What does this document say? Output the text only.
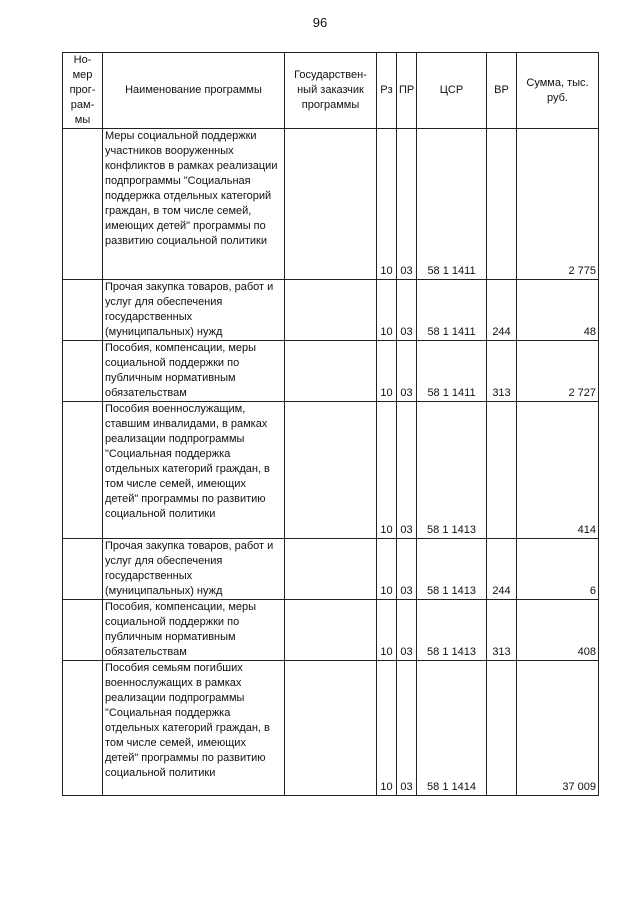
96
Но-мер прог-рам-мы	Наименование программы	Государствен-ный заказчик программы	Рз	ПР	ЦСР	ВР	Сумма, тыс. руб.
	Меры социальной поддержки участников вооруженных конфликтов в рамках реализации подпрограммы "Социальная поддержка отдельных категорий граждан, в том числе семей, имеющих детей" программы по развитию социальной политики		10	03	58 1 1411		2 775
	Прочая закупка товаров, работ и услуг для обеспечения государственных (муниципальных) нужд		10	03	58 1 1411	244	48
	Пособия, компенсации, меры социальной поддержки по публичным нормативным обязательствам		10	03	58 1 1411	313	2 727
	Пособия военнослужащим, ставшим инвалидами, в рамках реализации подпрограммы "Социальная поддержка отдельных категорий граждан, в том числе семей, имеющих детей" программы по развитию социальной политики		10	03	58 1 1413		414
	Прочая закупка товаров, работ и услуг для обеспечения государственных (муниципальных) нужд		10	03	58 1 1413	244	6
	Пособия, компенсации, меры социальной поддержки по публичным нормативным обязательствам		10	03	58 1 1413	313	408
	Пособия семьям погибших военнослужащих в рамках реализации подпрограммы "Социальная поддержка отдельных категорий граждан, в том числе семей, имеющих детей" программы по развитию социальной политики		10	03	58 1 1414		37 009
